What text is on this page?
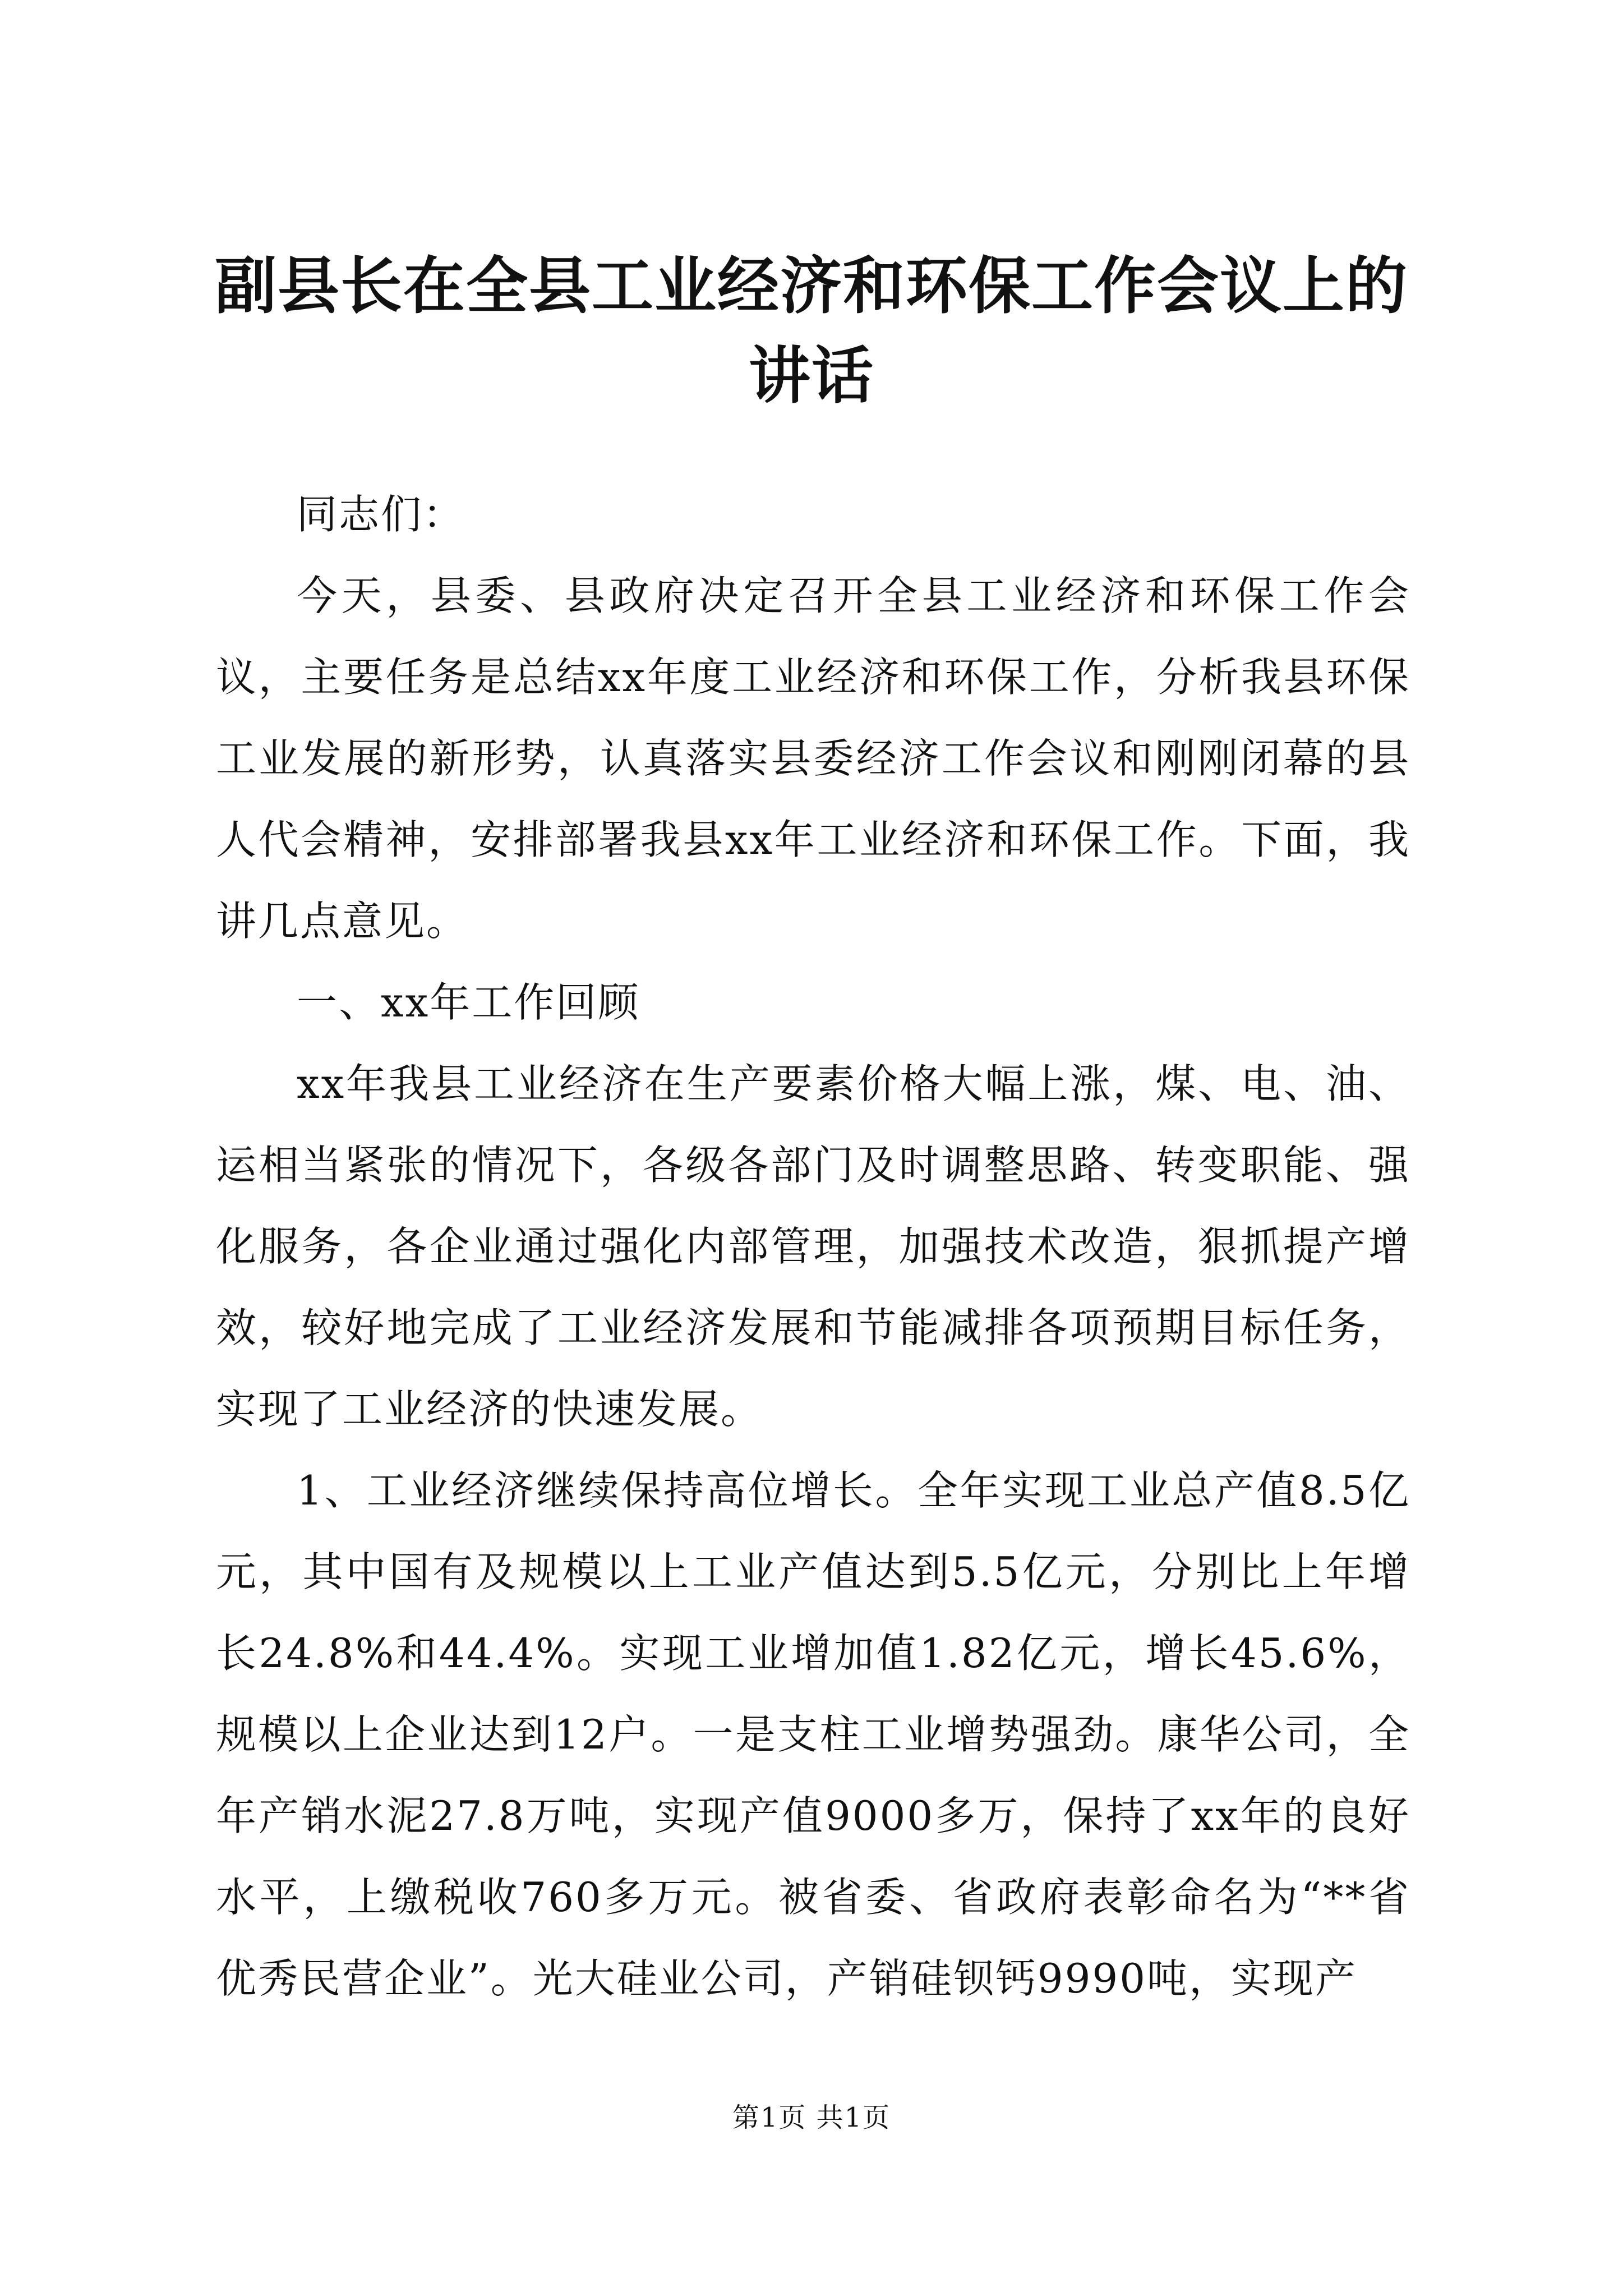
副县长在全县工业经济和环保工作会议上的讲话

同志们：

今天，县委、县政府决定召开全县工业经济和环保工作会议，主要任务是总结xx年度工业经济和环保工作，分析我县环保工业发展的新形势，认真落实县委经济工作会议和刚刚闭幕的县人代会精神，安排部署我县xx年工业经济和环保工作。下面，我讲几点意见。

一、xx年工作回顾

xx年我县工业经济在生产要素价格大幅上涨，煤、电、油、运相当紧张的情况下，各级各部门及时调整思路、转变职能、强化服务，各企业通过强化内部管理，加强技术改造，狠抓提产增效，较好地完成了工业经济发展和节能减排各项预期目标任务，实现了工业经济的快速发展。

1、工业经济继续保持高位增长。全年实现工业总产值8.5亿元，其中国有及规模以上工业产值达到5.5亿元，分别比上年增长24.8%和44.4%。实现工业增加值1.82亿元，增长45.6%，规模以上企业达到12户。一是支柱工业增势强劲。康华公司，全年产销水泥27.8万吨，实现产值9000多万，保持了xx年的良好水平，上缴税收760多万元。被省委、省政府表彰命名为“**省优秀民营企业”。光大硅业公司，产销硅钡钙9990吨，实现产

第1页 共1页
